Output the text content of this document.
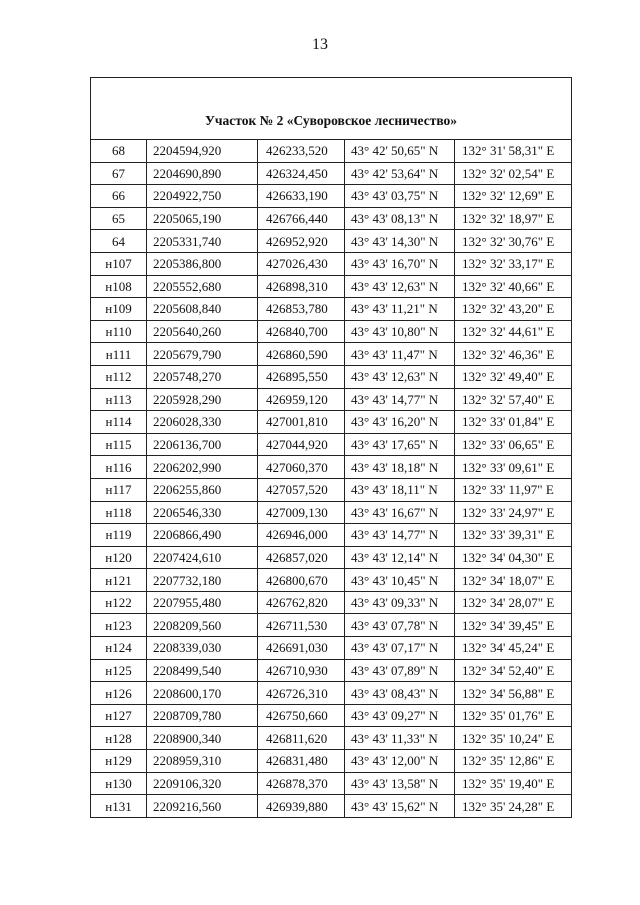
13
Участок № 2 «Суворовское лесничество»				
68	2204594,920	426233,520	43° 42' 50,65" N	132° 31' 58,31" E
67	2204690,890	426324,450	43° 42' 53,64" N	132° 32' 02,54" E
66	2204922,750	426633,190	43° 43' 03,75" N	132° 32' 12,69" E
65	2205065,190	426766,440	43° 43' 08,13" N	132° 32' 18,97" E
64	2205331,740	426952,920	43° 43' 14,30" N	132° 32' 30,76" E
н107	2205386,800	427026,430	43° 43' 16,70" N	132° 32' 33,17" E
н108	2205552,680	426898,310	43° 43' 12,63" N	132° 32' 40,66" E
н109	2205608,840	426853,780	43° 43' 11,21" N	132° 32' 43,20" E
н110	2205640,260	426840,700	43° 43' 10,80" N	132° 32' 44,61" E
н111	2205679,790	426860,590	43° 43' 11,47" N	132° 32' 46,36" E
н112	2205748,270	426895,550	43° 43' 12,63" N	132° 32' 49,40" E
н113	2205928,290	426959,120	43° 43' 14,77" N	132° 32' 57,40" E
н114	2206028,330	427001,810	43° 43' 16,20" N	132° 33' 01,84" E
н115	2206136,700	427044,920	43° 43' 17,65" N	132° 33' 06,65" E
н116	2206202,990	427060,370	43° 43' 18,18" N	132° 33' 09,61" E
н117	2206255,860	427057,520	43° 43' 18,11" N	132° 33' 11,97" E
н118	2206546,330	427009,130	43° 43' 16,67" N	132° 33' 24,97" E
н119	2206866,490	426946,000	43° 43' 14,77" N	132° 33' 39,31" E
н120	2207424,610	426857,020	43° 43' 12,14" N	132° 34' 04,30" E
н121	2207732,180	426800,670	43° 43' 10,45" N	132° 34' 18,07" E
н122	2207955,480	426762,820	43° 43' 09,33" N	132° 34' 28,07" E
н123	2208209,560	426711,530	43° 43' 07,78" N	132° 34' 39,45" E
н124	2208339,030	426691,030	43° 43' 07,17" N	132° 34' 45,24" E
н125	2208499,540	426710,930	43° 43' 07,89" N	132° 34' 52,40" E
н126	2208600,170	426726,310	43° 43' 08,43" N	132° 34' 56,88" E
н127	2208709,780	426750,660	43° 43' 09,27" N	132° 35' 01,76" E
н128	2208900,340	426811,620	43° 43' 11,33" N	132° 35' 10,24" E
н129	2208959,310	426831,480	43° 43' 12,00" N	132° 35' 12,86" E
н130	2209106,320	426878,370	43° 43' 13,58" N	132° 35' 19,40" E
н131	2209216,560	426939,880	43° 43' 15,62" N	132° 35' 24,28" E
